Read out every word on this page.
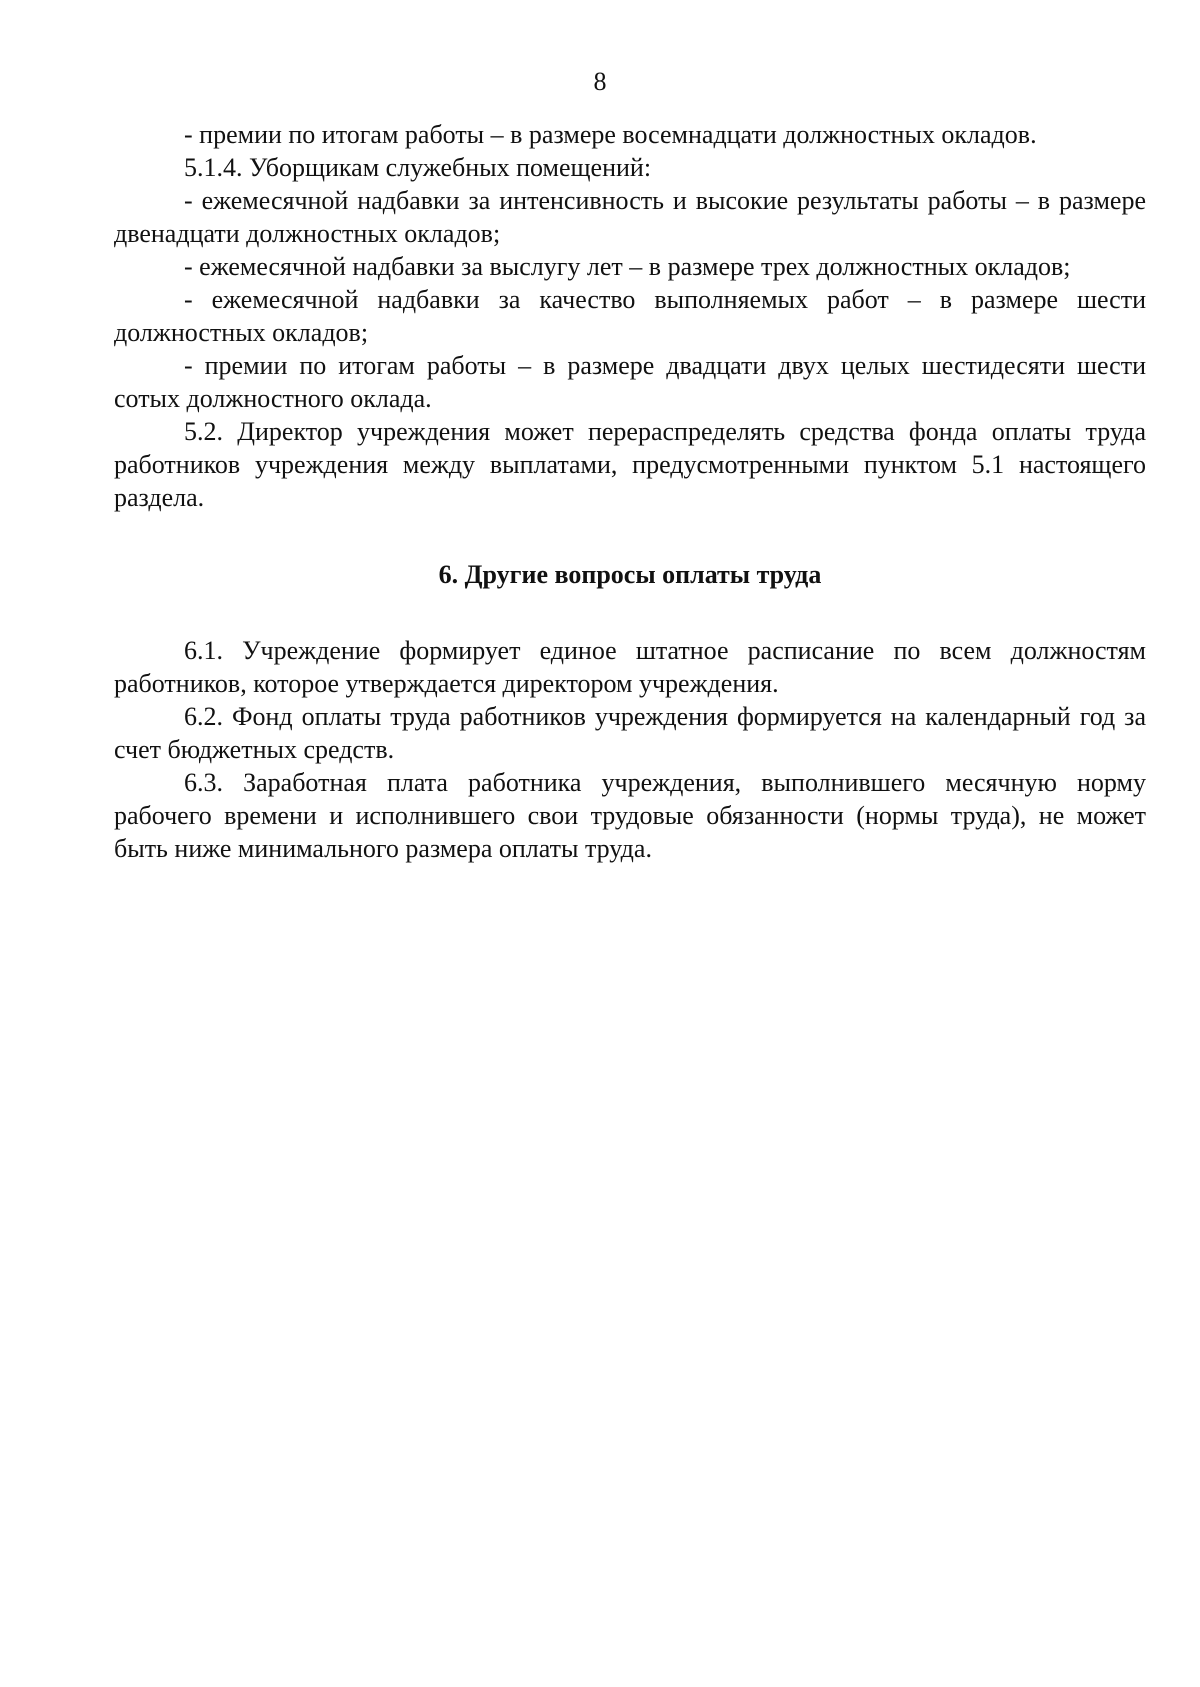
8

- премии по итогам работы – в размере восемнадцати должностных окладов.

5.1.4. Уборщикам служебных помещений:

- ежемесячной надбавки за интенсивность и высокие результаты работы – в размере двенадцати должностных окладов;

- ежемесячной надбавки за выслугу лет – в размере трех должностных окладов;

- ежемесячной надбавки за качество выполняемых работ – в размере шести должностных окладов;

- премии по итогам работы – в размере двадцати двух целых шестидесяти шести сотых должностного оклада.

5.2. Директор учреждения может перераспределять средства фонда оплаты труда работников учреждения между выплатами, предусмотренными пунктом 5.1 настоящего раздела.

6. Другие вопросы оплаты труда

6.1. Учреждение формирует единое штатное расписание по всем должностям работников, которое утверждается директором учреждения.

6.2. Фонд оплаты труда работников учреждения формируется на календарный год за счет бюджетных средств.

6.3. Заработная плата работника учреждения, выполнившего месячную норму рабочего времени и исполнившего свои трудовые обязанности (нормы труда), не может быть ниже минимального размера оплаты труда.
